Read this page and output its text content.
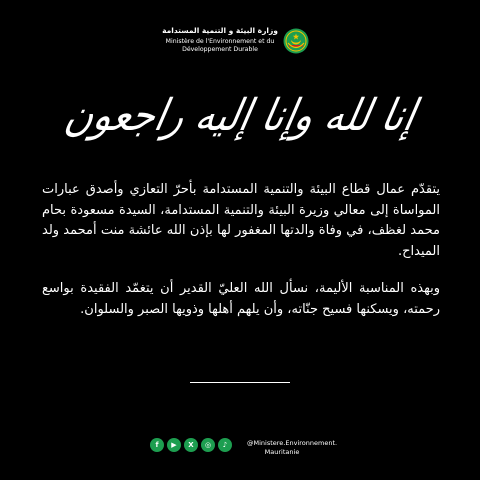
وزارة البيئة و التنمية المستدامة
Ministère de l'Environnement et du
Développement Durable
إنا لله وإنا إليه راجعون

يتقدّم عمال قطاع البيئة والتنمية المستدامة بأحرّ التعازي وأصدق عبارات المواساة إلى معالي وزيرة البيئة والتنمية المستدامة، السيدة مسعودة بحام محمد لغظف، في وفاة والدتها المغفور لها بإذن الله عائشة منت أمحمد ولد الميداح.

وبهذه المناسبة الأليمة، نسأل الله العليّ القدير أن يتغمّد الفقيدة بواسع رحمته، ويسكنها فسيح جنّاته، وأن يلهم أهلها وذويها الصبر والسلوان.

f	▶	X	◎	♪	@Ministere.Environnement.
Mauritanie
